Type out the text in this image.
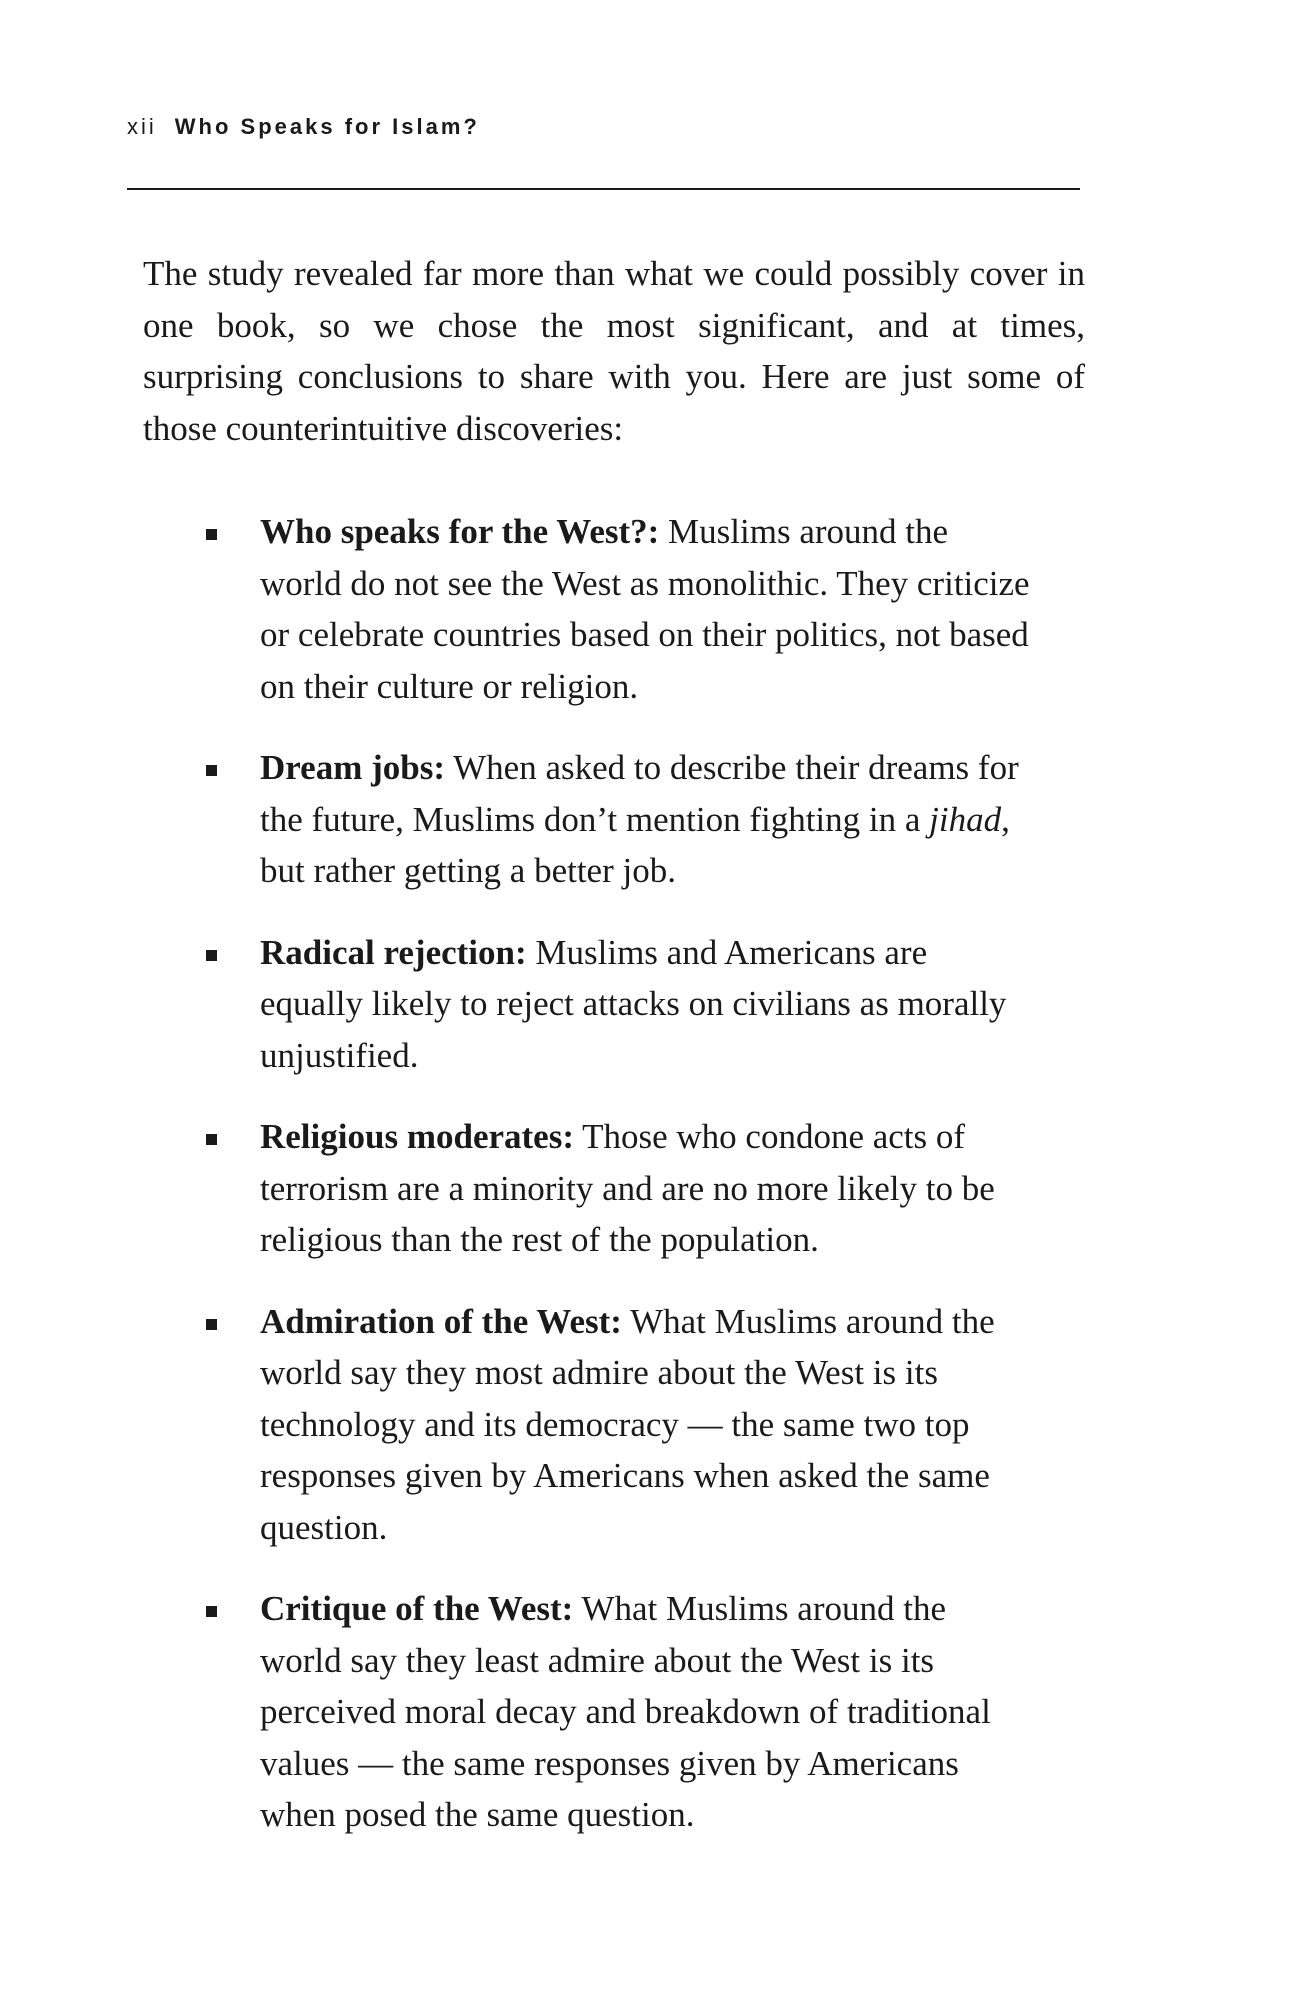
xii Who Speaks for Islam?

The study revealed far more than what we could possibly cover in one book, so we chose the most significant, and at times, surprising conclusions to share with you. Here are just some of those counterintuitive discoveries:

Who speaks for the West?: Muslims around the world do not see the West as monolithic. They criticize or celebrate countries based on their politics, not based on their culture or religion.
Dream jobs: When asked to describe their dreams for the future, Muslims don’t mention fighting in a jihad, but rather getting a better job.
Radical rejection: Muslims and Americans are equally likely to reject attacks on civilians as morally unjustified.
Religious moderates: Those who condone acts of terrorism are a minority and are no more likely to be religious than the rest of the population.
Admiration of the West: What Muslims around the world say they most admire about the West is its technology and its democracy — the same two top responses given by Americans when asked the same question.
Critique of the West: What Muslims around the world say they least admire about the West is its perceived moral decay and breakdown of traditional values — the same responses given by Americans when posed the same question.
